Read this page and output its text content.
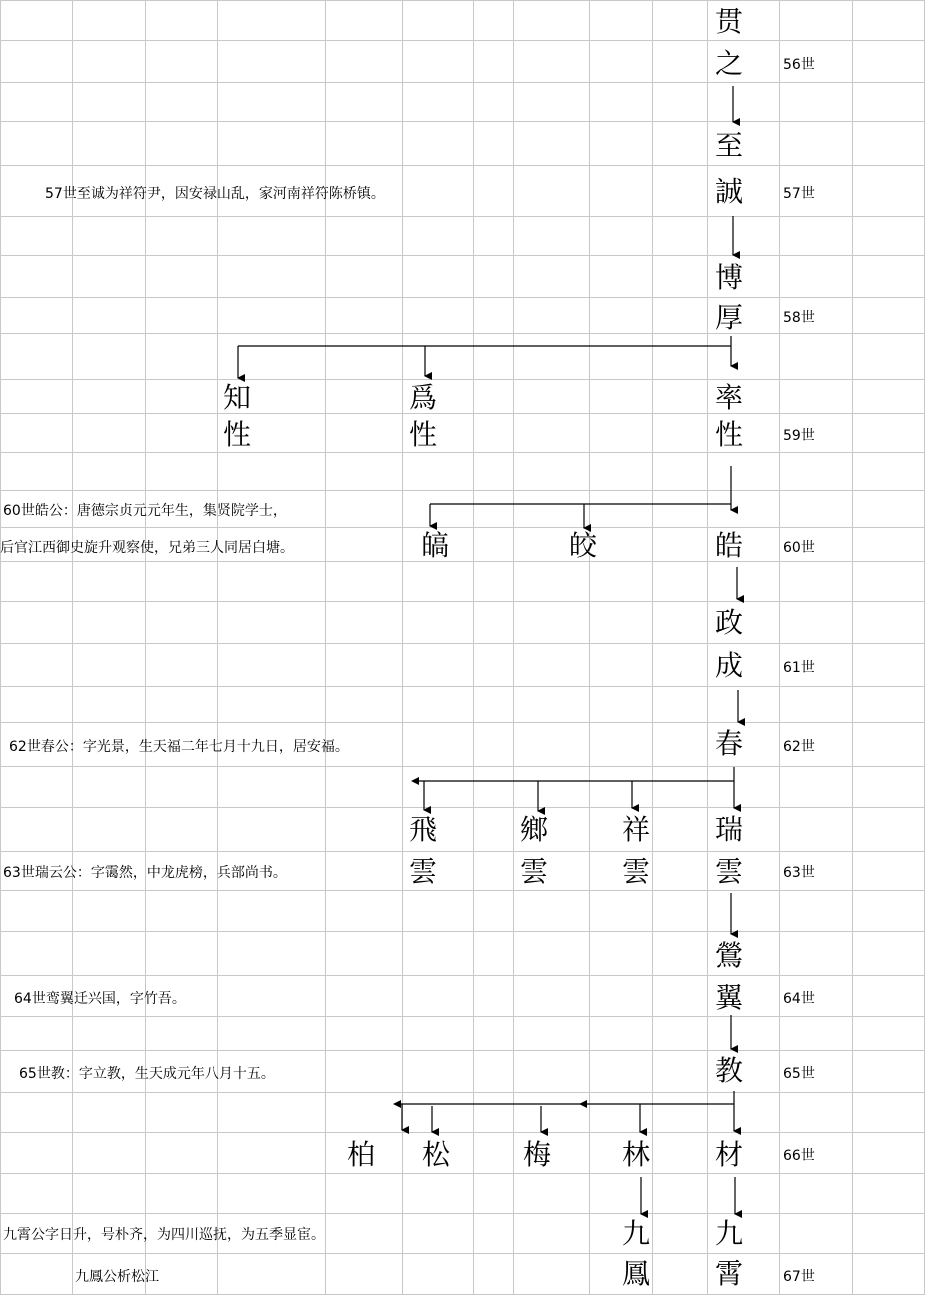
56世
57世
58世
59世
60世
61世
62世
63世
64世
65世
66世
67世
贯
之
至
誠
博
厚
知
性
爲
性
率
性
皜	皎	皓
政
成
春
飛
雲
鄉
雲
祥
雲
瑞
雲
鶯
翼
教
柏 松	梅	林 材
九
鳳
九
霄
57世至诚为祥符尹，因安禄山乱，家河南祥符陈桥镇。
60世皓公：唐德宗贞元元年生，集贤院学士，
后官江西御史旋升观察使，兄弟三人同居白塘。
62世春公：字光景，生天福二年七月十九日，居安福。
63世瑞云公：字霭然，中龙虎榜，兵部尚书。
64世鸾翼迁兴国，字竹吾。
65世教：字立教，生天成元年八月十五。
九霄公字日升，号朴齐，为四川巡抚，为五季显宦。
九鳳公析松江
